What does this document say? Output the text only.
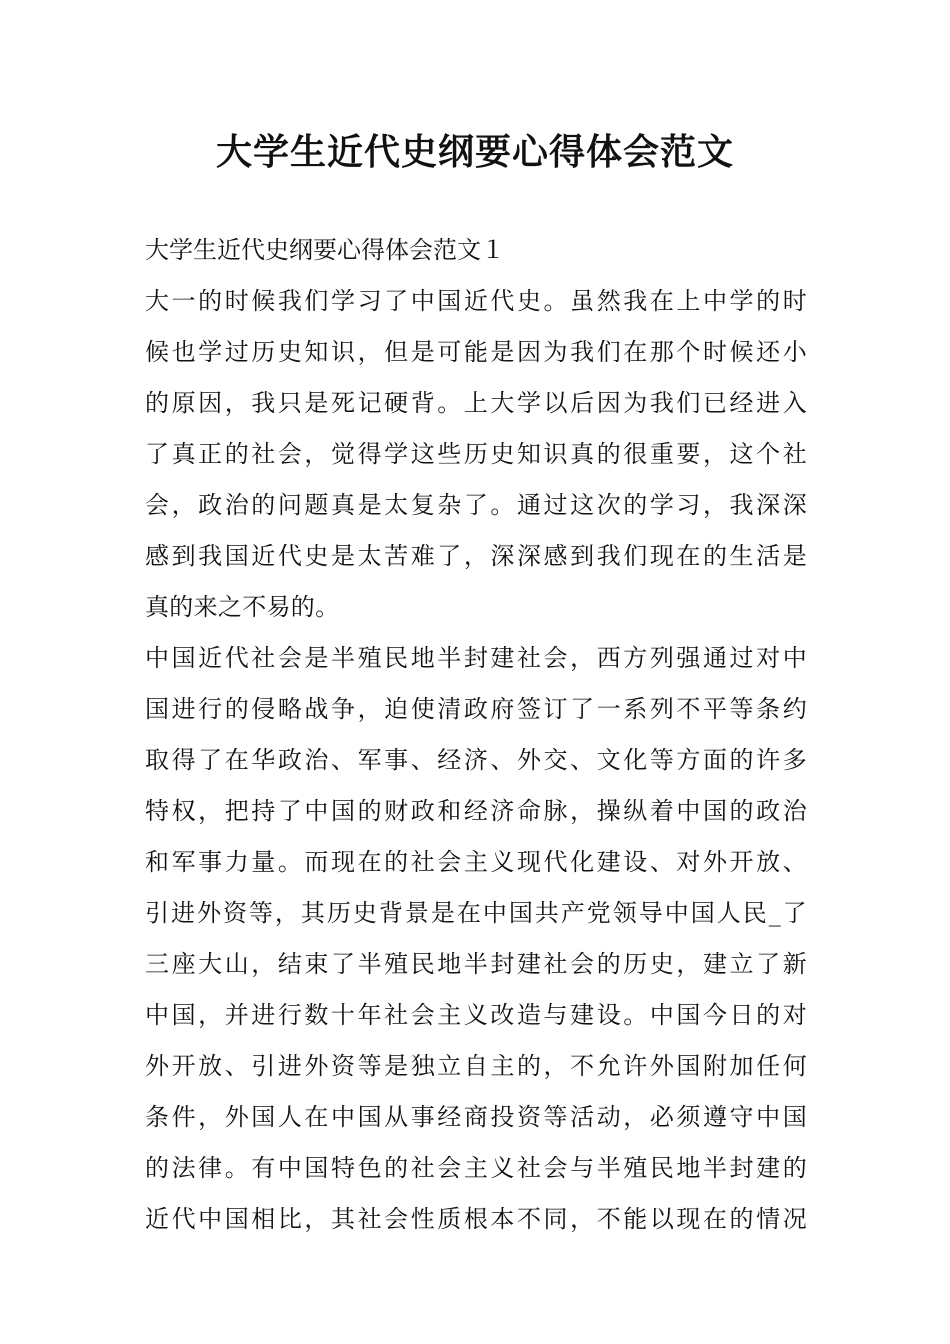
大学生近代史纲要心得体会范文

大学生近代史纲要心得体会范文１

大一的时候我们学习了中国近代史。虽然我在上中学的时
候也学过历史知识，但是可能是因为我们在那个时候还小
的原因，我只是死记硬背。上大学以后因为我们已经进入
了真正的社会，觉得学这些历史知识真的很重要，这个社
会，政治的问题真是太复杂了。通过这次的学习，我深深
感到我国近代史是太苦难了，深深感到我们现在的生活是
真的来之不易的。

中国近代社会是半殖民地半封建社会，西方列强通过对中
国进行的侵略战争，迫使清政府签订了一系列不平等条约
取得了在华政治、军事、经济、外交、文化等方面的许多
特权，把持了中国的财政和经济命脉，操纵着中国的政治
和军事力量。而现在的社会主义现代化建设、对外开放、
引进外资等，其历史背景是在中国共产党领导中国人民_了
三座大山，结束了半殖民地半封建社会的历史，建立了新
中国，并进行数十年社会主义改造与建设。中国今日的对
外开放、引进外资等是独立自主的，不允许外国附加任何
条件，外国人在中国从事经商投资等活动，必须遵守中国
的法律。有中国特色的社会主义社会与半殖民地半封建的
近代中国相比，其社会性质根本不同，不能以现在的情况
